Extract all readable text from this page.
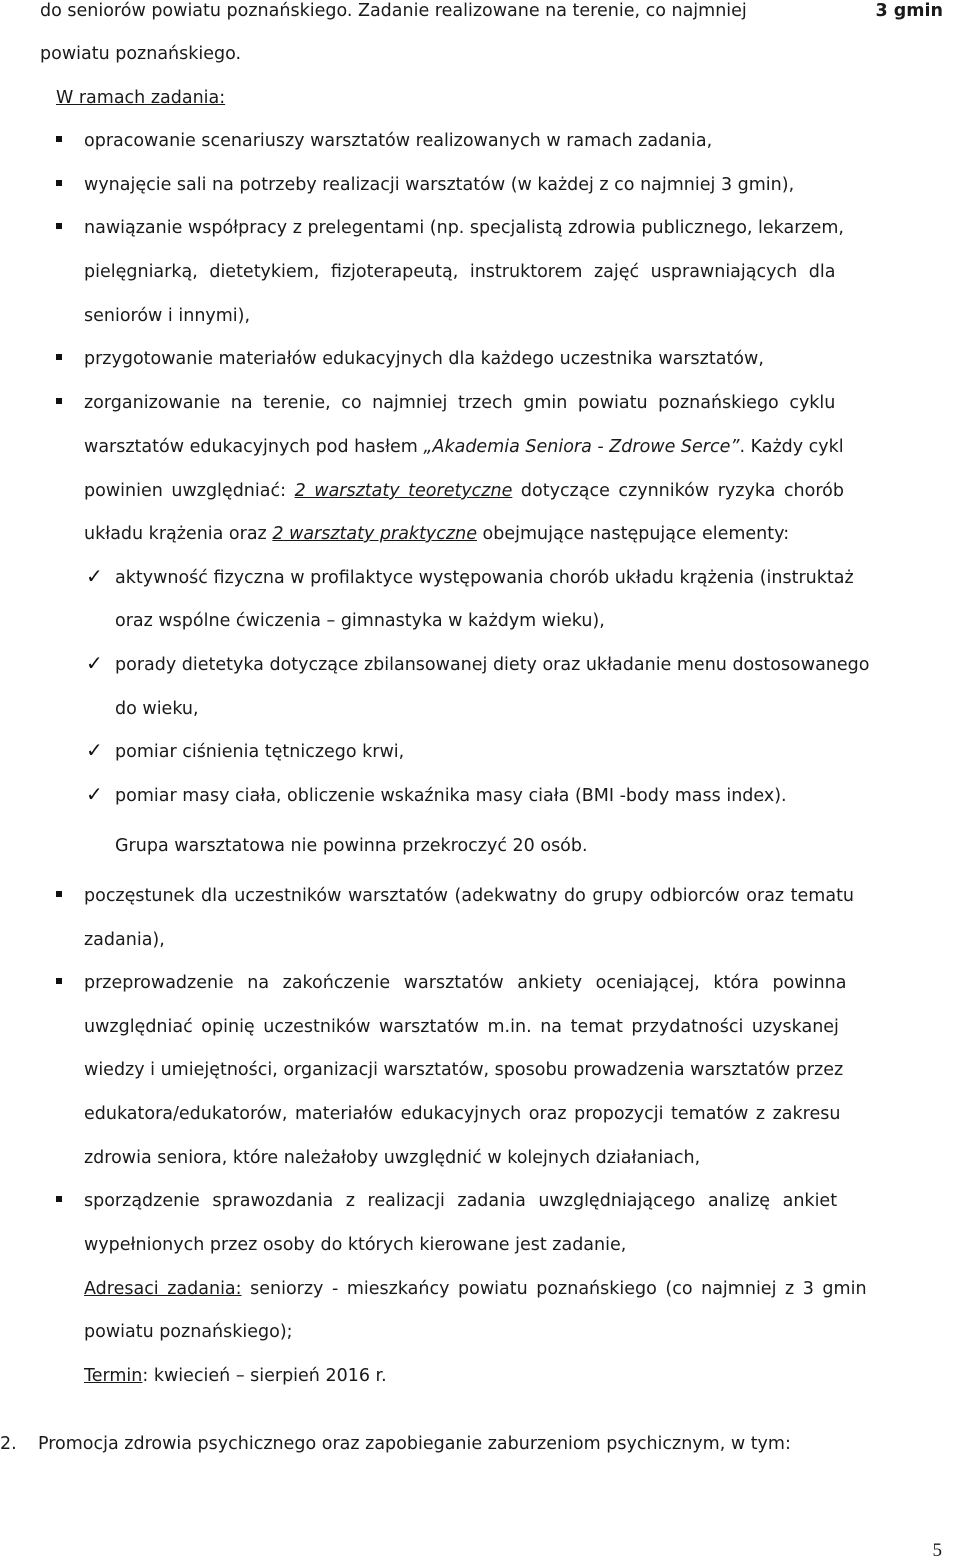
do seniorów powiatu poznańskiego. Zadanie realizowane na terenie, co najmniej	3 gmin
powiatu poznańskiego.
W ramach zadania:
opracowanie scenariuszy warsztatów realizowanych w ramach zadania,
wynajęcie sali na potrzeby realizacji warsztatów (w każdej z co najmniej 3 gmin),
nawiązanie współpracy z prelegentami (np. specjalistą zdrowia publicznego, lekarzem,
pielęgniarką, dietetykiem, fizjoterapeutą, instruktorem zajęć usprawniających dla
seniorów i innymi),
przygotowanie materiałów edukacyjnych dla każdego uczestnika warsztatów,
zorganizowanie na terenie, co najmniej trzech gmin powiatu poznańskiego cyklu
warsztatów edukacyjnych pod hasłem „Akademia Seniora - Zdrowe Serce”. Każdy cykl
powinien uwzględniać: 2 warsztaty teoretyczne dotyczące czynników ryzyka chorób
układu krążenia oraz 2 warsztaty praktyczne obejmujące następujące elementy:
✓ aktywność fizyczna w profilaktyce występowania chorób układu krążenia (instruktaż
oraz wspólne ćwiczenia – gimnastyka w każdym wieku),
✓ porady dietetyka dotyczące zbilansowanej diety oraz układanie menu dostosowanego
do wieku,
✓ pomiar ciśnienia tętniczego krwi,
✓ pomiar masy ciała, obliczenie wskaźnika masy ciała (BMI -body mass index).
Grupa warsztatowa nie powinna przekroczyć 20 osób.
poczęstunek dla uczestników warsztatów (adekwatny do grupy odbiorców oraz tematu
zadania),
przeprowadzenie na zakończenie warsztatów ankiety oceniającej, która powinna
uwzględniać opinię uczestników warsztatów m.in. na temat przydatności uzyskanej
wiedzy i umiejętności, organizacji warsztatów, sposobu prowadzenia warsztatów przez
edukatora/edukatorów, materiałów edukacyjnych oraz propozycji tematów z zakresu
zdrowia seniora, które należałoby uwzględnić w kolejnych działaniach,
sporządzenie sprawozdania z realizacji zadania uwzględniającego analizę ankiet
wypełnionych przez osoby do których kierowane jest zadanie,
Adresaci zadania: seniorzy - mieszkańcy powiatu poznańskiego (co najmniej z 3 gmin
powiatu poznańskiego);
Termin: kwiecień – sierpień 2016 r.
2. Promocja zdrowia psychicznego oraz zapobieganie zaburzeniom psychicznym, w tym:
5
